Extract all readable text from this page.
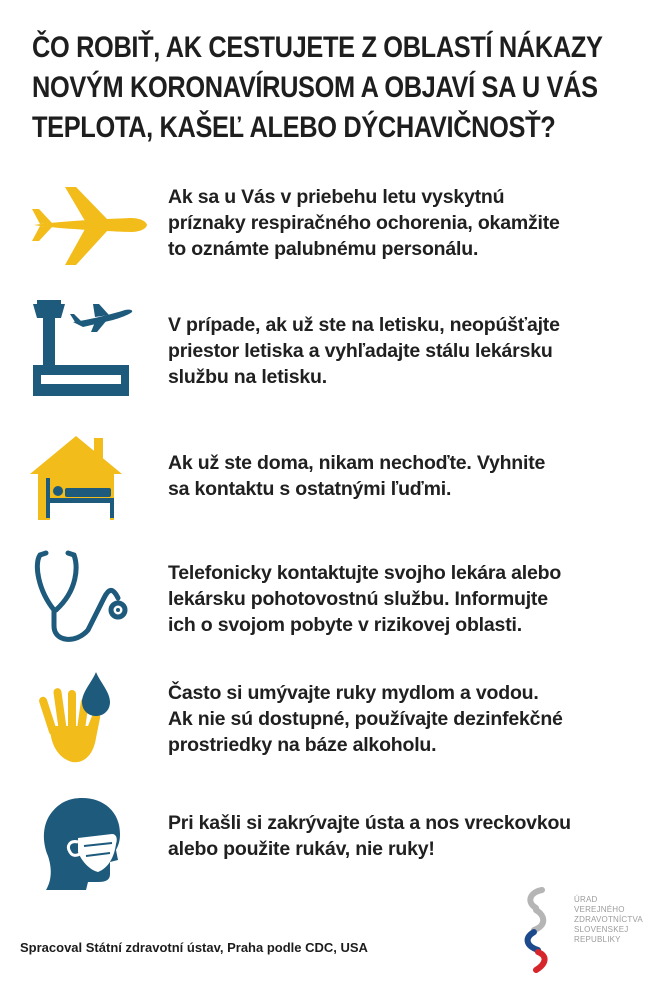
ČO ROBIŤ, AK CESTUJETE Z OBLASTÍ NÁKAZY
NOVÝM KORONAVÍRUSOM A OBJAVÍ SA U VÁS
TEPLOTA, KAŠEĽ ALEBO DÝCHAVIČNOSŤ?
Ak sa u Vás v priebehu letu vyskytnú
príznaky respiračného ochorenia, okamžite
to oznámte palubnému personálu.
V prípade, ak už ste na letisku, neopúšťajte
priestor letiska a vyhľadajte stálu lekársku
službu na letisku.
Ak už ste doma, nikam nechoďte. Vyhnite
sa kontaktu s ostatnými ľuďmi.
Telefonicky kontaktujte svojho lekára alebo
lekársku pohotovostnú službu. Informujte
ich o svojom pobyte v rizikovej oblasti.
Často si umývajte ruky mydlom a vodou.
Ak nie sú dostupné, používajte dezinfekčné
prostriedky na báze alkoholu.
Pri kašli si zakrývajte ústa a nos vreckovkou
alebo použite rukáv, nie ruky!
Spracoval Státní zdravotní ústav, Praha podle CDC, USA
ÚRAD
VEREJNÉHO
ZDRAVOTNÍCTVA
SLOVENSKEJ
REPUBLIKY
